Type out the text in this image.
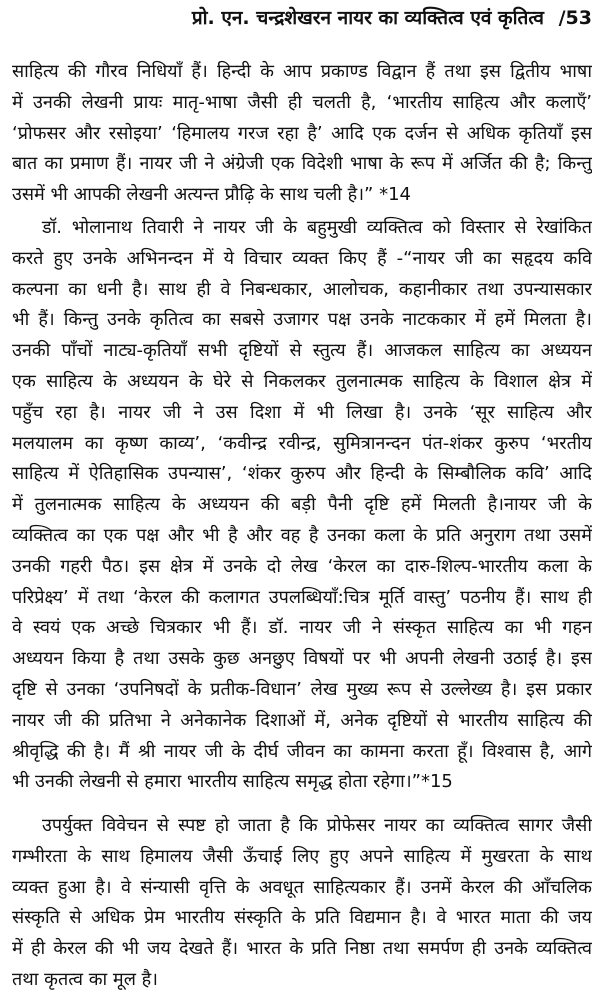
प्रो. एन. चन्द्रशेखरन नायर का व्यक्तित्व एवं कृतित्व /53
साहित्य की गौरव निधियाँ हैं। हिन्दी के आप प्रकाण्ड विद्वान हैं तथा इस द्वितीय भाषा
में उनकी लेखनी प्रायः मातृ-भाषा जैसी ही चलती है, ‘भारतीय साहित्य और कलाएँ’
‘प्रोफसर और रसोइया’ ‘हिमालय गरज रहा है’ आदि एक दर्जन से अधिक कृतियाँ इस
बात का प्रमाण हैं। नायर जी ने अंग्रेजी एक विदेशी भाषा के रूप में अर्जित की है; किन्तु
उसमें भी आपकी लेखनी अत्यन्त प्रौढ़ि के साथ चली है।” *14
डॉ. भोलानाथ तिवारी ने नायर जी के बहुमुखी व्यक्तित्व को विस्तार से रेखांकित
करते हुए उनके अभिनन्दन में ये विचार व्यक्त किए हैं -“नायर जी का सहृदय कवि
कल्पना का धनी है। साथ ही वे निबन्धकार, आलोचक, कहानीकार तथा उपन्यासकार
भी हैं। किन्तु उनके कृतित्व का सबसे उजागर पक्ष उनके नाटककार में हमें मिलता है।
उनकी पाँचों नाट्य-कृतियाँ सभी दृष्टियों से स्तुत्य हैं। आजकल साहित्य का अध्ययन
एक साहित्य के अध्ययन के घेरे से निकलकर तुलनात्मक साहित्य के विशाल क्षेत्र में
पहुँच रहा है। नायर जी ने उस दिशा में भी लिखा है। उनके ‘सूर साहित्य और
मलयालम का कृष्ण काव्य’, ‘कवीन्द्र रवीन्द्र, सुमित्रानन्दन पंत-शंकर कुरुप ‘भरतीय
साहित्य में ऐतिहासिक उपन्यास’, ‘शंकर कुरुप और हिन्दी के सिम्बौलिक कवि’ आदि
में तुलनात्मक साहित्य के अध्ययन की बड़ी पैनी दृष्टि हमें मिलती है।नायर जी के
व्यक्तित्व का एक पक्ष और भी है और वह है उनका कला के प्रति अनुराग तथा उसमें
उनकी गहरी पैठ। इस क्षेत्र में उनके दो लेख ‘केरल का दारु-शिल्प-भारतीय कला के
परिप्रेक्ष्य’ में तथा ‘केरल की कलागत उपलब्धियाँ:चित्र मूर्ति वास्तु’ पठनीय हैं। साथ ही
वे स्वयं एक अच्छे चित्रकार भी हैं। डॉ. नायर जी ने संस्कृत साहित्य का भी गहन
अध्ययन किया है तथा उसके कुछ अनछुए विषयों पर भी अपनी लेखनी उठाई है। इस
दृष्टि से उनका ‘उपनिषदों के प्रतीक-विधान’ लेख मुख्य रूप से उल्लेख्य है। इस प्रकार
नायर जी की प्रतिभा ने अनेकानेक दिशाओं में, अनेक दृष्टियों से भारतीय साहित्य की
श्रीवृद्धि की है। मैं श्री नायर जी के दीर्घ जीवन का कामना करता हूँ। विश्वास है, आगे
भी उनकी लेखनी से हमारा भारतीय साहित्य समृद्ध होता रहेगा।”*15
उपर्युक्त विवेचन से स्पष्ट हो जाता है कि प्रोफेसर नायर का व्यक्तित्व सागर जैसी
गम्भीरता के साथ हिमालय जैसी ऊँचाई लिए हुए अपने साहित्य में मुखरता के साथ
व्यक्त हुआ है। वे संन्यासी वृत्ति के अवधूत साहित्यकार हैं। उनमें केरल की आँचलिक
संस्कृति से अधिक प्रेम भारतीय संस्कृति के प्रति विद्यमान है। वे भारत माता की जय
में ही केरल की भी जय देखते हैं। भारत के प्रति निष्ठा तथा समर्पण ही उनके व्यक्तित्व
तथा कृतत्व का मूल है।
